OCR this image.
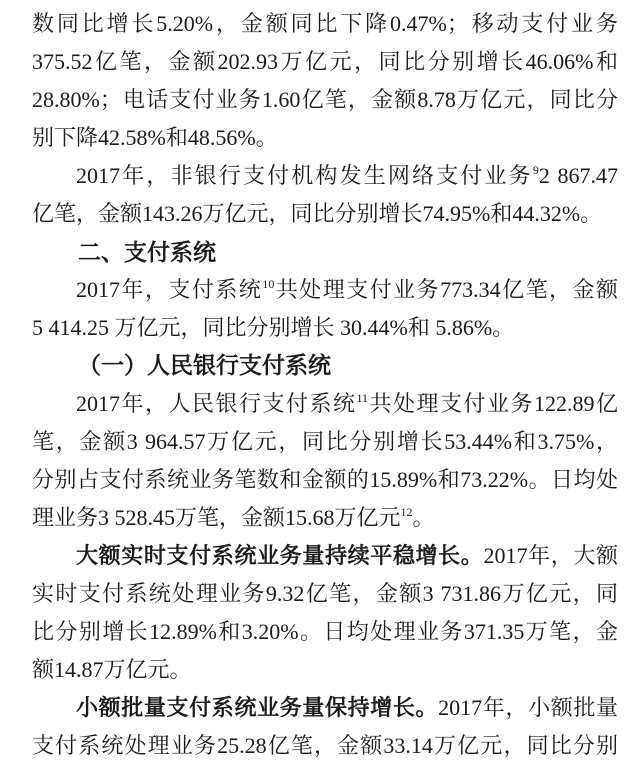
数同比增长5.20%，金额同比下降0.47%；移动支付业务
375.52亿笔，金额202.93万亿元，同比分别增长46.06%和
28.80%；电话支付业务1.60亿笔，金额8.78万亿元，同比分
别下降42.58%和48.56%。
2017年，非银行支付机构发生网络支付业务$^9$2 867.47
亿笔，金额143.26万亿元，同比分别增长74.95%和44.32%。
二、支付系统
2017年，支付系统$^{10}$共处理支付业务773.34亿笔，金额
5 414.25 万亿元，同比分别增长 30.44%和 5.86%。
（一）人民银行支付系统
2017年，人民银行支付系统$^{11}$共处理支付业务122.89亿
笔，金额3 964.57万亿元，同比分别增长53.44%和3.75%，
分别占支付系统业务笔数和金额的15.89%和73.22%。日均处
理业务3 528.45万笔，金额15.68万亿元$^{12}$。
大额实时支付系统业务量持续平稳增长。2017年，大额
实时支付系统处理业务9.32亿笔，金额3 731.86万亿元，同
比分别增长12.89%和3.20%。日均处理业务371.35万笔，金
额14.87万亿元。
小额批量支付系统业务量保持增长。2017年，小额批量
支付系统处理业务25.28亿笔，金额33.14万亿元，同比分别
